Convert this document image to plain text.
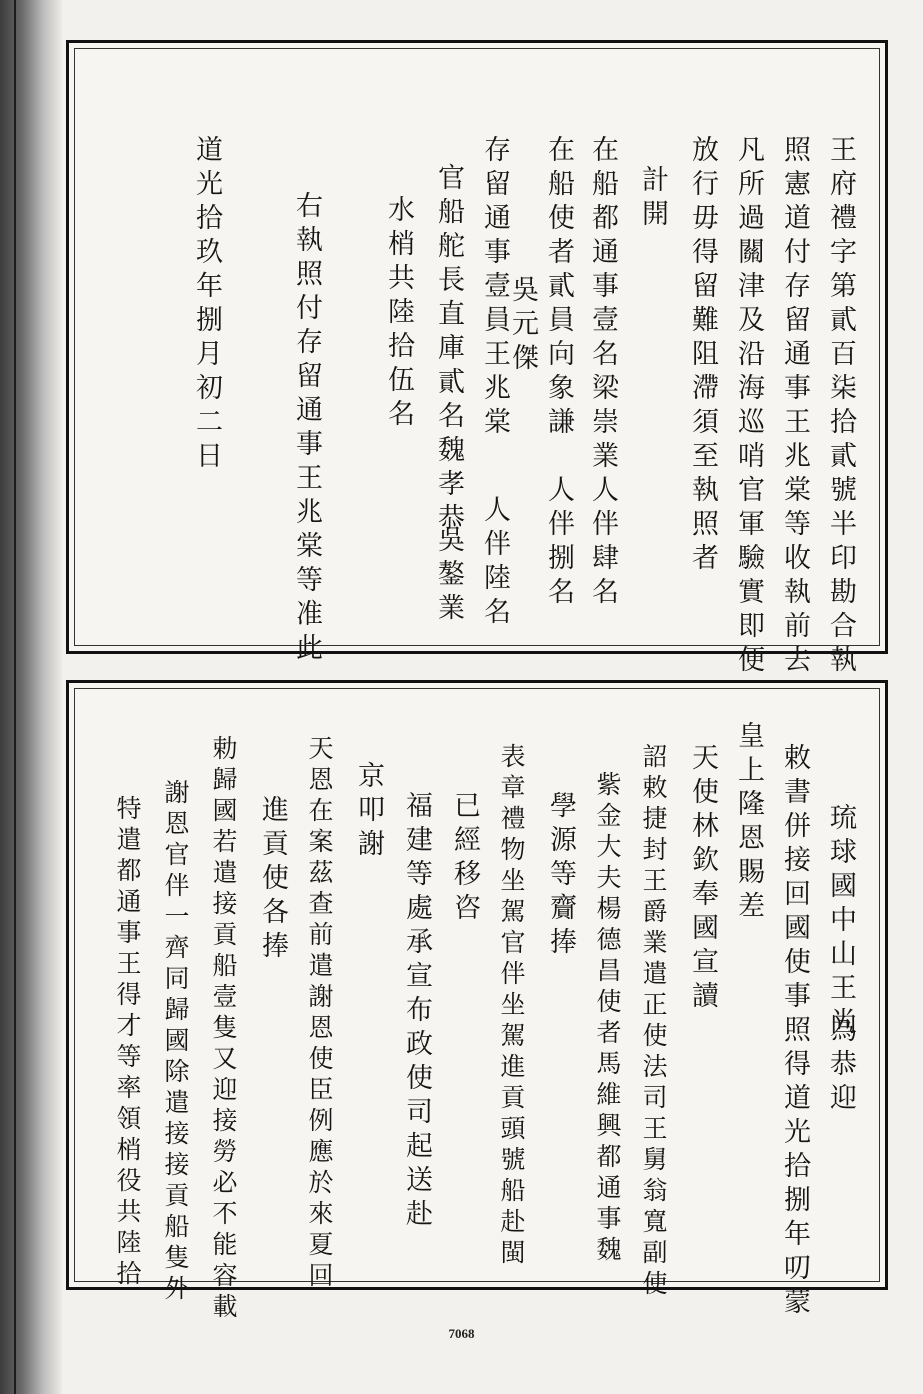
王府禮字第貳百柒拾貳號半印勘合執
照憲道付存留通事王兆棠等收執前去
凡所過關津及沿海巡哨官軍驗實即便
放行毋得留難阻滯須至執照者
計開
在船都通事壹名梁崇業
人伴肆名
在船使者貳員向象謙
吳元傑
人伴捌名
存留通事壹員王兆棠
人伴陸名
官船舵長直庫貳名魏孝恭
吳鏊業
水梢共陸拾伍名
右執照付存留通事王兆棠等准此
道光拾玖年捌月初二日
琉球國中山王尚
為恭迎
敕書併接回國使事照得道光拾捌年叨蒙
皇上隆恩賜差
天使林欽奉國宣讀
詔敕捷封王爵業遣正使法司王舅翁寬副使
紫金大夫楊德昌使者馬維興都通事魏
學源等齎捧
表章禮物坐駕官伴坐駕進貢頭號船赴閩
已經移咨
福建等處承宣布政使司起送赴
京叩謝
天恩在案茲查前遣謝恩使臣例應於來夏回
進貢使各捧
勅歸國若遣接貢船壹隻又迎接勞必不能容載
謝恩官伴一齊同歸國除遣接接貢船隻外
特遣都通事王得才等率領梢役共陸拾
7068
